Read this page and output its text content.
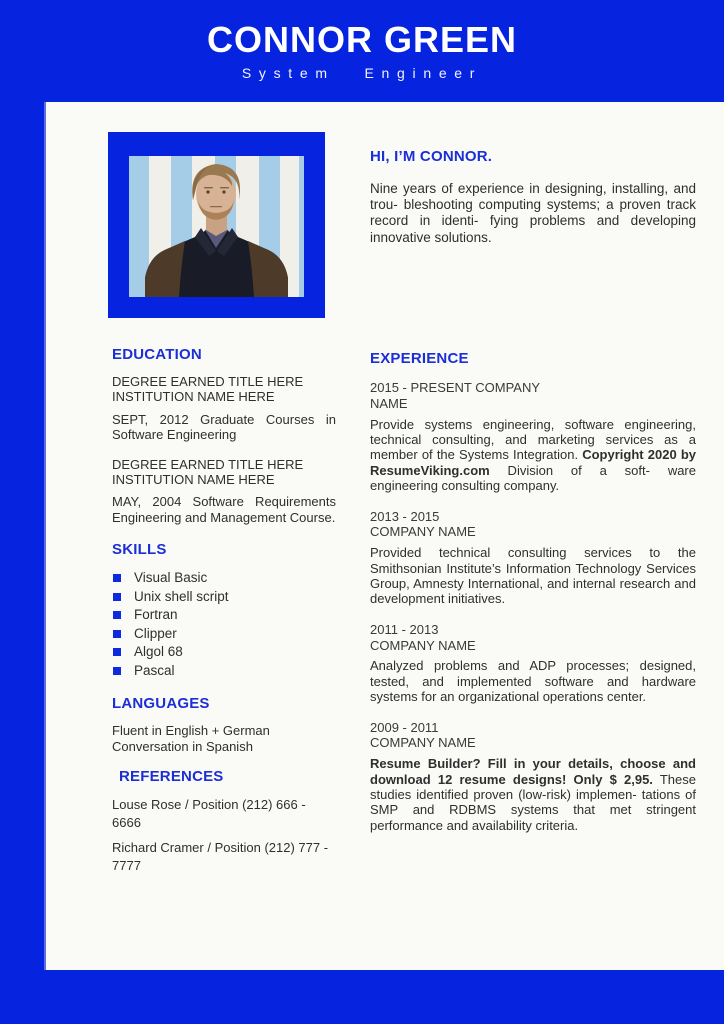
CONNOR GREEN
System Engineer
HI, I’M CONNOR.

Nine years of experience in designing, installing, and trou- bleshooting computing systems; a proven track record in identi- fying problems and developing innovative solutions.

EDUCATION

DEGREE EARNED TITLE HERE INSTITUTION NAME HERE

SEPT, 2012 Graduate Courses in Software Engineering

DEGREE EARNED TITLE HERE INSTITUTION NAME HERE

MAY, 2004 Software Requirements Engineering and Management Course.

SKILLS
Visual Basic
Unix shell script
Fortran
Clipper
Algol 68
Pascal
LANGUAGES

Fluent in English + German

Conversation in Spanish

REFERENCES

Louse Rose / Position (212) 666 - 6666

Richard Cramer / Position (212) 777 - 7777

EXPERIENCE

2015 - PRESENT COMPANY NAME

Provide systems engineering, software engineering, technical consulting, and marketing services as a member of the Systems Integration. Copyright 2020 by ResumeViking.com Division of a soft- ware engineering consulting company.

2013 - 2015

COMPANY NAME

Provided technical consulting services to the Smithsonian Institute’s Information Technology Services Group, Amnesty International, and internal research and development initiatives.

2011 - 2013

COMPANY NAME

Analyzed problems and ADP processes; designed, tested, and implemented software and hardware systems for an organizational operations center.

2009 - 2011

COMPANY NAME

Resume Builder? Fill in your details, choose and download 12 resume designs! Only $ 2,95. These studies identified proven (low-risk) implemen- tations of SMP and RDBMS systems that met stringent performance and availability criteria.
